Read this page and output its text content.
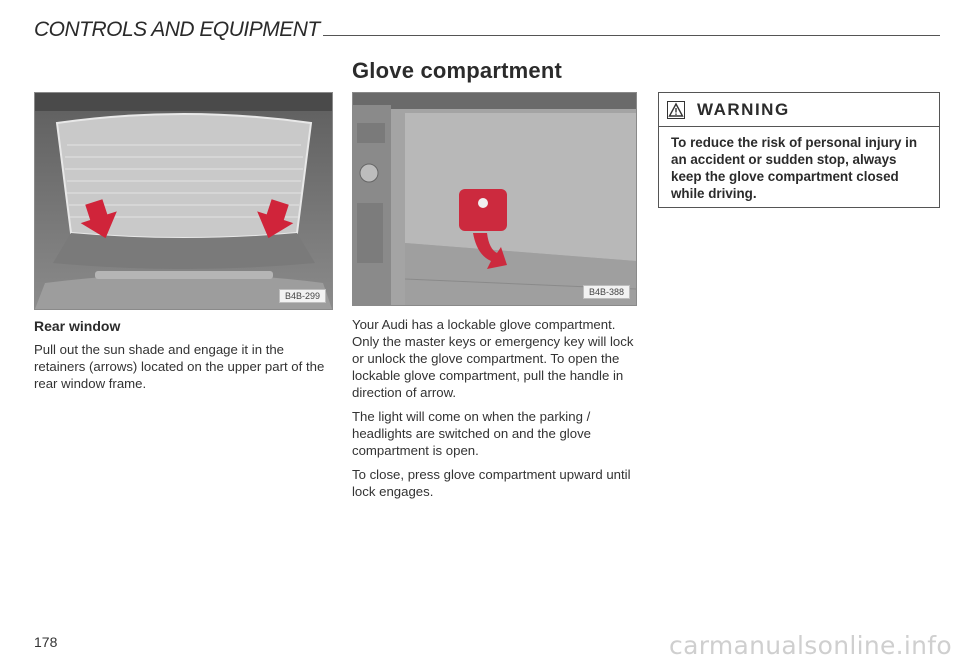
CONTROLS AND EQUIPMENT
Glove compartment
B4B-299
Rear window

Pull out the sun shade and engage it in the retainers (arrows) located on the upper part of the rear window frame.

B4B-388

Your Audi has a lockable glove compartment. Only the master keys or emergency key will lock or unlock the glove compartment. To open the lockable glove compartment, pull the handle in direction of arrow.

The light will come on when the parking / headlights are switched on and the glove compartment is open.

To close, press glove compartment upward until lock engages.

WARNING
To reduce the risk of personal injury in an accident or sudden stop, always keep the glove compartment closed while driving.
178	carmanualsonline.info
